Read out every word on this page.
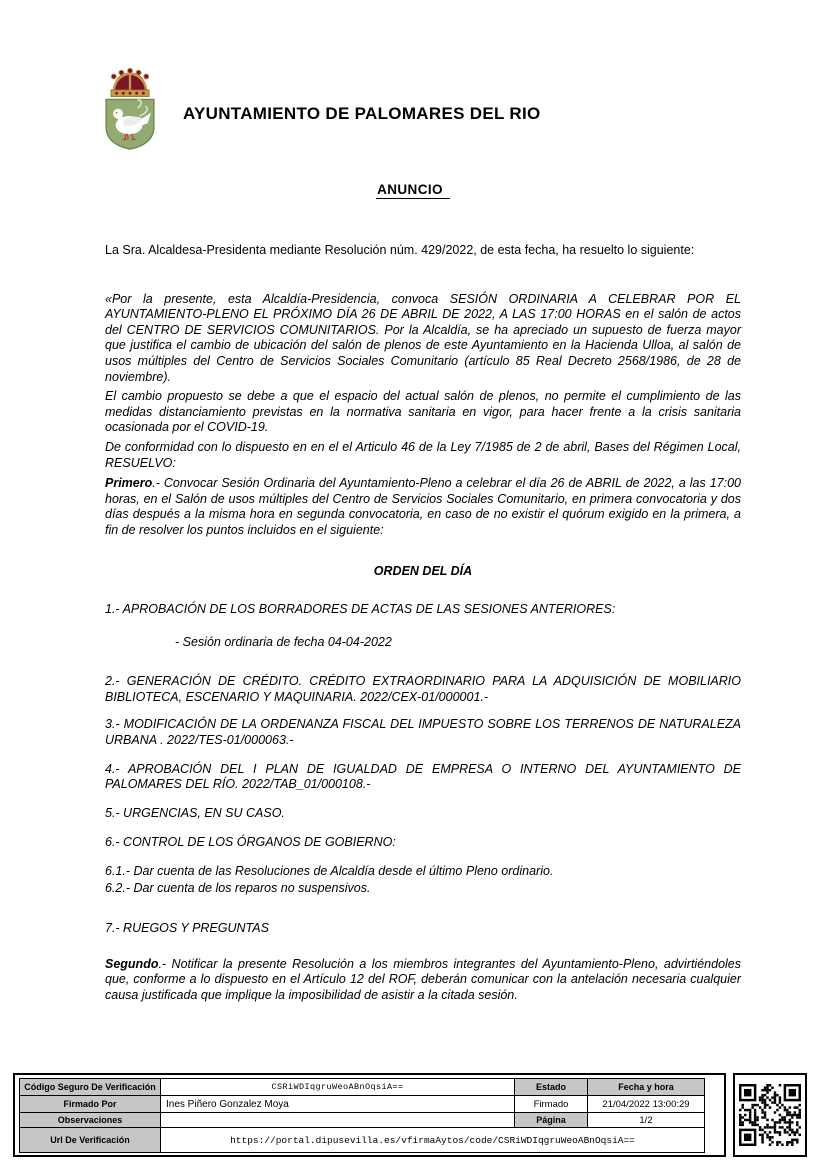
AYUNTAMIENTO DE PALOMARES DEL RIO
ANUNCIO

La Sra. Alcaldesa-Presidenta mediante Resolución núm. 429/2022, de esta fecha, ha resuelto lo siguiente:

«Por la presente, esta Alcaldía-Presidencia, convoca SESIÓN ORDINARIA A CELEBRAR POR EL AYUNTAMIENTO-PLENO EL PRÓXIMO DÍA 26 DE ABRIL DE 2022, A LAS 17:00 HORAS en el salón de actos del CENTRO DE SERVICIOS COMUNITARIOS. Por la Alcaldía, se ha apreciado un supuesto de fuerza mayor que justifica el cambio de ubicación del salón de plenos de este Ayuntamiento en la Hacienda Ulloa, al salón de usos múltiples del Centro de Servicios Sociales Comunitario (artículo 85 Real Decreto 2568/1986, de 28 de noviembre).

El cambio propuesto se debe a que el espacio del actual salón de plenos, no permite el cumplimiento de las medidas distanciamiento previstas en la normativa sanitaria en vigor, para hacer frente a la crisis sanitaria ocasionada por el COVID-19.

De conformidad con lo dispuesto en en el el Articulo 46 de la Ley 7/1985 de 2 de abril, Bases del Régimen Local, RESUELVO:

Primero.- Convocar Sesión Ordinaria del Ayuntamiento-Pleno a celebrar el día 26 de ABRIL de 2022, a las 17:00 horas, en el Salón de usos múltiples del Centro de Servicios Sociales Comunitario, en primera convocatoria y dos días después a la misma hora en segunda convocatoria, en caso de no existir el quórum exigido en la primera, a fin de resolver los puntos incluidos en el siguiente:

ORDEN DEL DÍA

1.- APROBACIÓN DE LOS BORRADORES DE ACTAS DE LAS SESIONES ANTERIORES:

- Sesión ordinaria de fecha 04-04-2022

2.- GENERACIÓN DE CRÉDITO. CRÉDITO EXTRAORDINARIO PARA LA ADQUISICIÓN DE MOBILIARIO BIBLIOTECA, ESCENARIO Y MAQUINARIA. 2022/CEX-01/000001.-

3.- MODIFICACIÓN DE LA ORDENANZA FISCAL DEL IMPUESTO SOBRE LOS TERRENOS DE NATURALEZA URBANA . 2022/TES-01/000063.-

4.- APROBACIÓN DEL I PLAN DE IGUALDAD DE EMPRESA O INTERNO DEL AYUNTAMIENTO DE PALOMARES DEL RÍO. 2022/TAB_01/000108.-

5.- URGENCIAS, EN SU CASO.

6.- CONTROL DE LOS ÓRGANOS DE GOBIERNO:

6.1.- Dar cuenta de las Resoluciones de Alcaldía desde el último Pleno ordinario.

6.2.- Dar cuenta de los reparos no suspensivos.

7.- RUEGOS Y PREGUNTAS

Segundo.- Notificar la presente Resolución a los miembros integrantes del Ayuntamiento-Pleno, advirtiéndoles que, conforme a lo dispuesto en el Artículo 12 del ROF, deberán comunicar con la antelación necesaria cualquier causa justificada que implique la imposibilidad de asistir a la citada sesión.

Código Seguro De Verificación	CSRiWDIqgruWeoABnOqsiA==	Estado	Fecha y hora
Firmado Por	Ines Piñero Gonzalez Moya	Firmado	21/04/2022 13:00:29
Observaciones		Página	1/2
Url De Verificación	https://portal.dipusevilla.es/vfirmaAytos/code/CSRiWDIqgruWeoABnOqsiA==		
